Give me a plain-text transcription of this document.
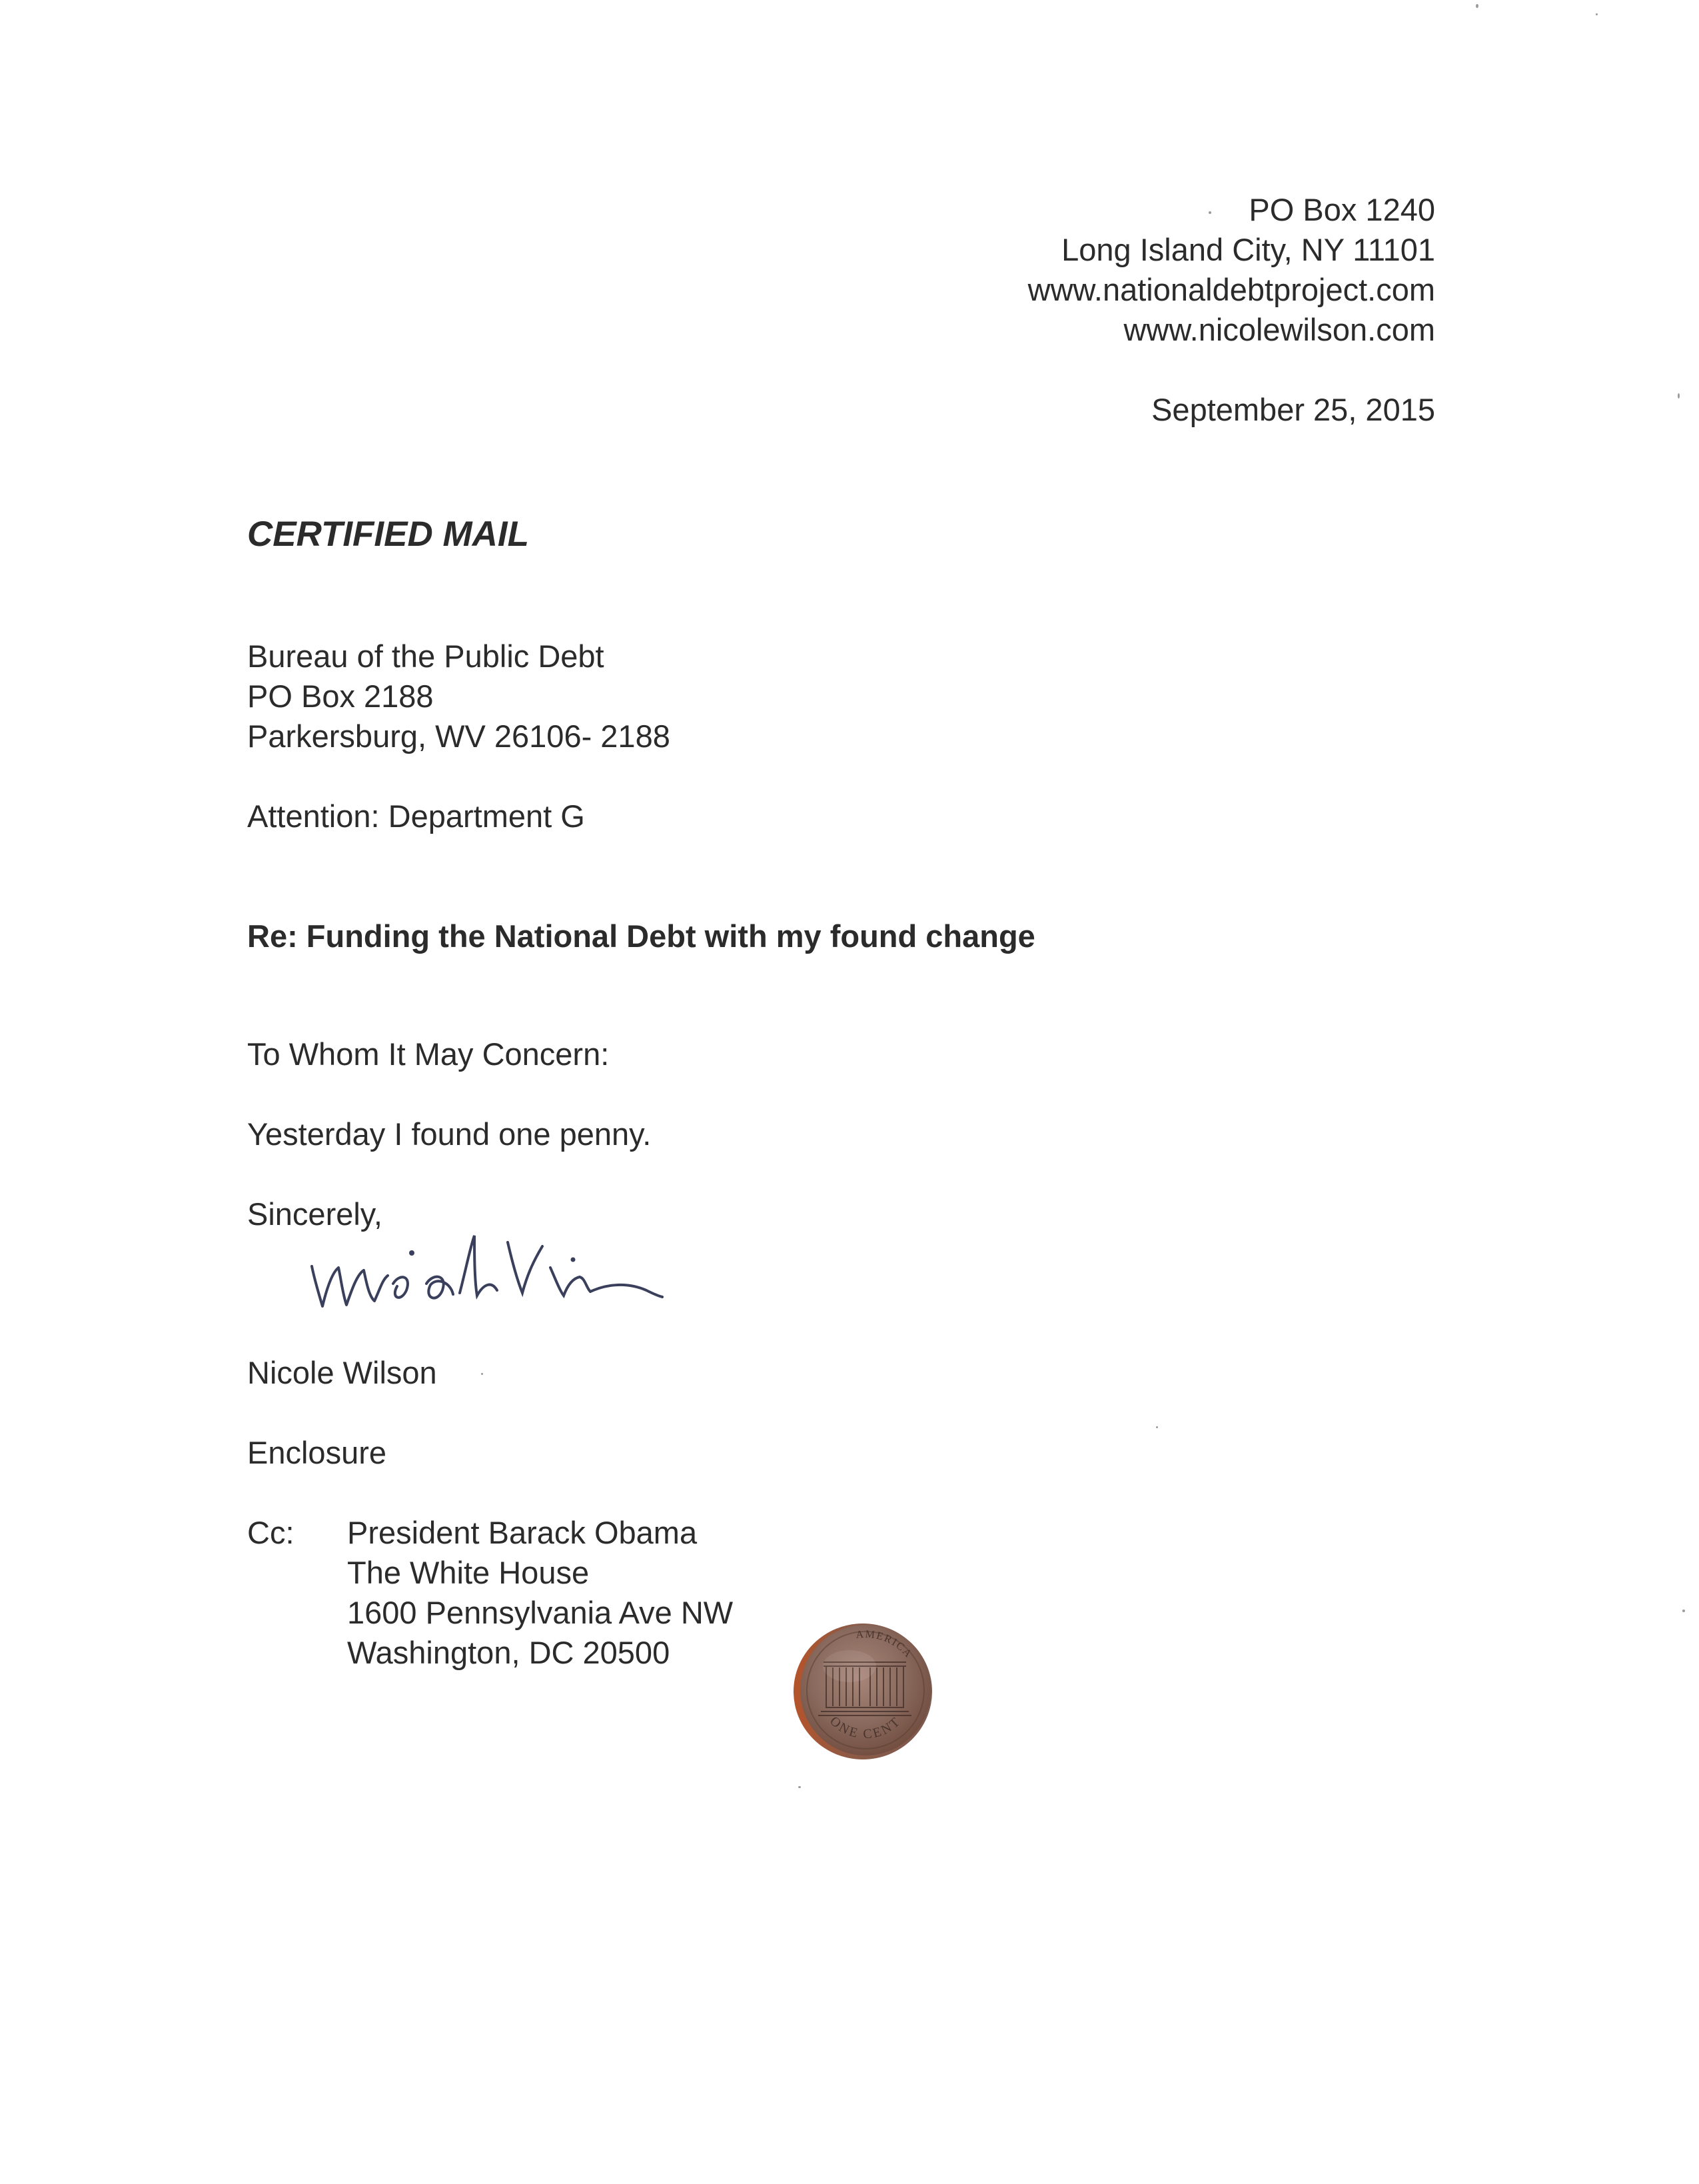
PO Box 1240
Long Island City, NY 11101
www.nationaldebtproject.com
www.nicolewilson.com
September 25, 2015
CERTIFIED MAIL
Bureau of the Public Debt
PO Box 2188
Parkersburg, WV 26106- 2188
Attention: Department G
Re: Funding the National Debt with my found change
To Whom It May Concern:
Yesterday I found one penny.
Sincerely,
Nicole Wilson
Enclosure
Cc: President Barack Obama
The White House
1600 Pennsylvania Ave NW
Washington, DC 20500
AMERICA
ONE CENT
